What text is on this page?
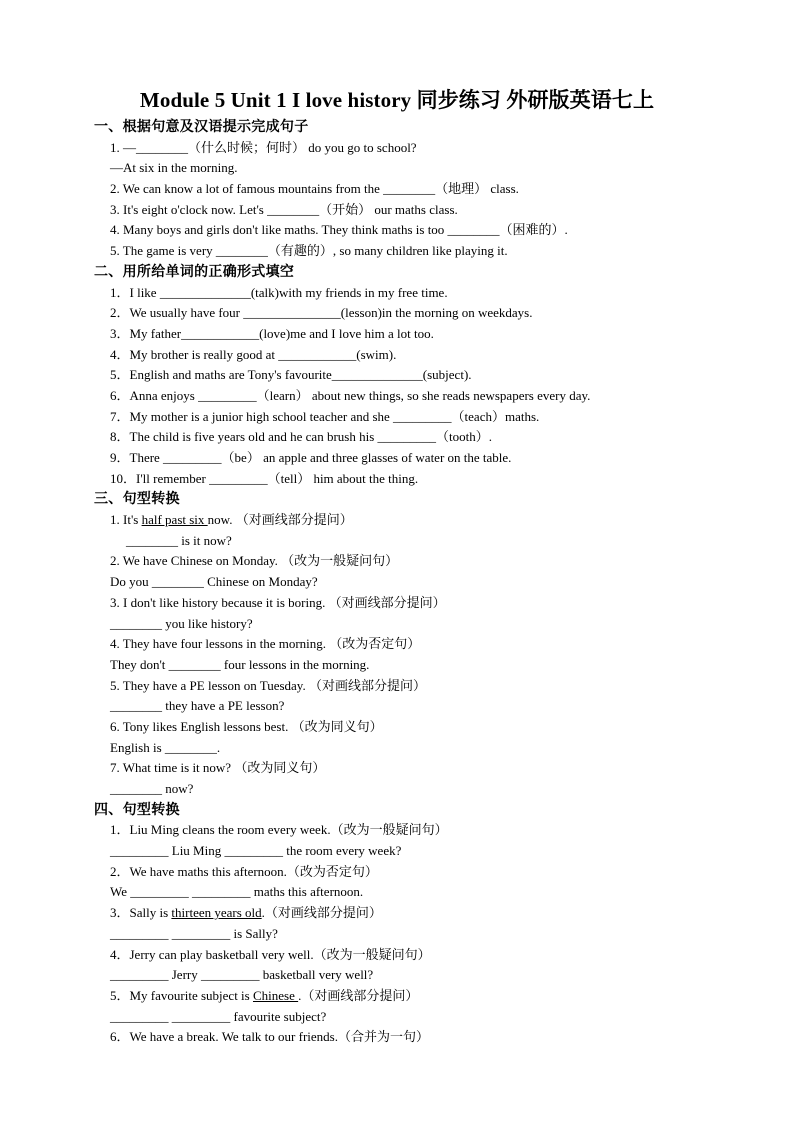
Module 5 Unit 1 I love history 同步练习 外研版英语七上
一、根据句意及汉语提示完成句子
1. —________（什么时候；何时） do you go to school?
—At six in the morning.
2. We can know a lot of famous mountains from the ________（地理） class.
3. It's eight o'clock now. Let's ________（开始） our maths class.
4. Many boys and girls don't like maths. They think maths is too ________（困难的）.
5. The game is very ________（有趣的）, so many children like playing it.
二、用所给单词的正确形式填空
1．I like ______________(talk)with my friends in my free time.
2．We usually have four _______________(lesson)in the morning on weekdays.
3．My father____________(love)me and I love him a lot too.
4．My brother is really good at ____________(swim).
5．English and maths are Tony's favourite______________(subject).
6．Anna enjoys _________（learn） about new things, so she reads newspapers every day.
7．My mother is a junior high school teacher and she _________（teach）maths.
8．The child is five years old and he can brush his _________（tooth）.
9．There _________（be） an apple and three glasses of water on the table.
10．I'll remember _________（tell） him about the thing.
三、句型转换
1. It's half past six now. （对画线部分提问）
________ is it now?
2. We have Chinese on Monday. （改为一般疑问句）
Do you ________ Chinese on Monday?
3. I don't like history because it is boring. （对画线部分提问）
________ you like history?
4. They have four lessons in the morning. （改为否定句）
They don't ________ four lessons in the morning.
5. They have a PE lesson on Tuesday. （对画线部分提问）
________ they have a PE lesson?
6. Tony likes English lessons best. （改为同义句）
English is ________.
7. What time is it now? （改为同义句）
________ now?
四、句型转换
1．Liu Ming cleans the room every week.（改为一般疑问句）
_________ Liu Ming _________ the room every week?
2．We have maths this afternoon.（改为否定句）
We _________ _________ maths this afternoon.
3．Sally is thirteen years old.（对画线部分提问）
_________ _________ is Sally?
4．Jerry can play basketball very well.（改为一般疑问句）
_________ Jerry _________ basketball very well?
5．My favourite subject is Chinese .（对画线部分提问）
_________ _________ favourite subject?
6．We have a break. We talk to our friends.（合并为一句）
